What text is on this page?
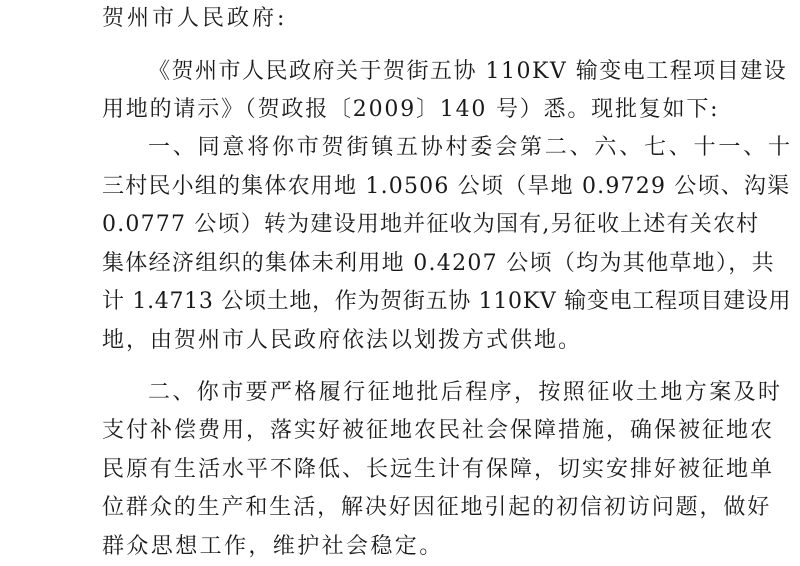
贺州市人民政府:
《贺州市人民政府关于贺街五协 110KV 输变电工程项目建设
用地的请示》（贺政报〔2009〕140 号）悉。现批复如下:
一、同意将你市贺街镇五协村委会第二、六、七、十一、十
三村民小组的集体农用地 1.0506 公顷（旱地 0.9729 公顷、沟渠
0.0777 公顷）转为建设用地并征收为国有,另征收上述有关农村
集体经济组织的集体未利用地 0.4207 公顷（均为其他草地），共
计 1.4713 公顷土地，作为贺街五协 110KV 输变电工程项目建设用
地，由贺州市人民政府依法以划拨方式供地。
二、你市要严格履行征地批后程序，按照征收土地方案及时
支付补偿费用，落实好被征地农民社会保障措施，确保被征地农
民原有生活水平不降低、长远生计有保障，切实安排好被征地单
位群众的生产和生活，解决好因征地引起的初信初访问题，做好
群众思想工作，维护社会稳定。
